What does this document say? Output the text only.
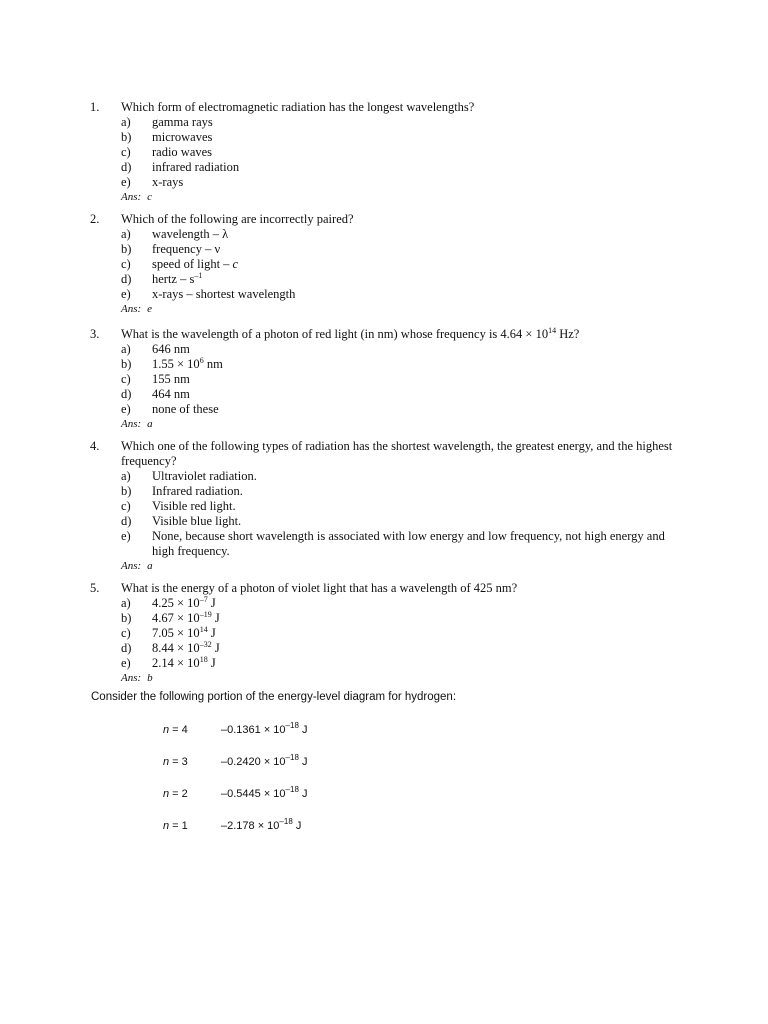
1.	Which form of electromagnetic radiation has the longest wavelengths?
a)	gamma rays
b)	microwaves
c)	radio waves
d)	infrared radiation
e)	x-rays
Ans: c
2.	Which of the following are incorrectly paired?
a)	wavelength – λ
b)	frequency – ν
c)	speed of light – c
d)	hertz – $s^{-1}$
e)	x-rays – shortest wavelength
Ans: e
3.	What is the wavelength of a photon of red light (in nm) whose frequency is $4.64 \times 10^{14}$ Hz?
a)	646 nm
b)	$1.55 \times 10^6$ nm
c)	155 nm
d)	464 nm
e)	none of these
Ans: a
4.	Which one of the following types of radiation has the shortest wavelength, the greatest energy, and the highest frequency?
a)	Ultraviolet radiation.
b)	Infrared radiation.
c)	Visible red light.
d)	Visible blue light.
e)	None, because short wavelength is associated with low energy and low frequency, not high energy and high frequency.
Ans: a
5.	What is the energy of a photon of violet light that has a wavelength of 425 nm?
a)	$4.25 \times 10^{-7}$ J
b)	$4.67 \times 10^{-19}$ J
c)	$7.05 \times 10^{14}$ J
d)	$8.44 \times 10^{-32}$ J
e)	$2.14 \times 10^{18}$ J
Ans: b
Consider the following portion of the energy-level diagram for hydrogen:
n = 4	$-0.1361 \times 10^{-18}$ J
n = 3	$-0.2420 \times 10^{-18}$ J
n = 2	$-0.5445 \times 10^{-18}$ J
n = 1	$-2.178 \times 10^{-18}$ J
